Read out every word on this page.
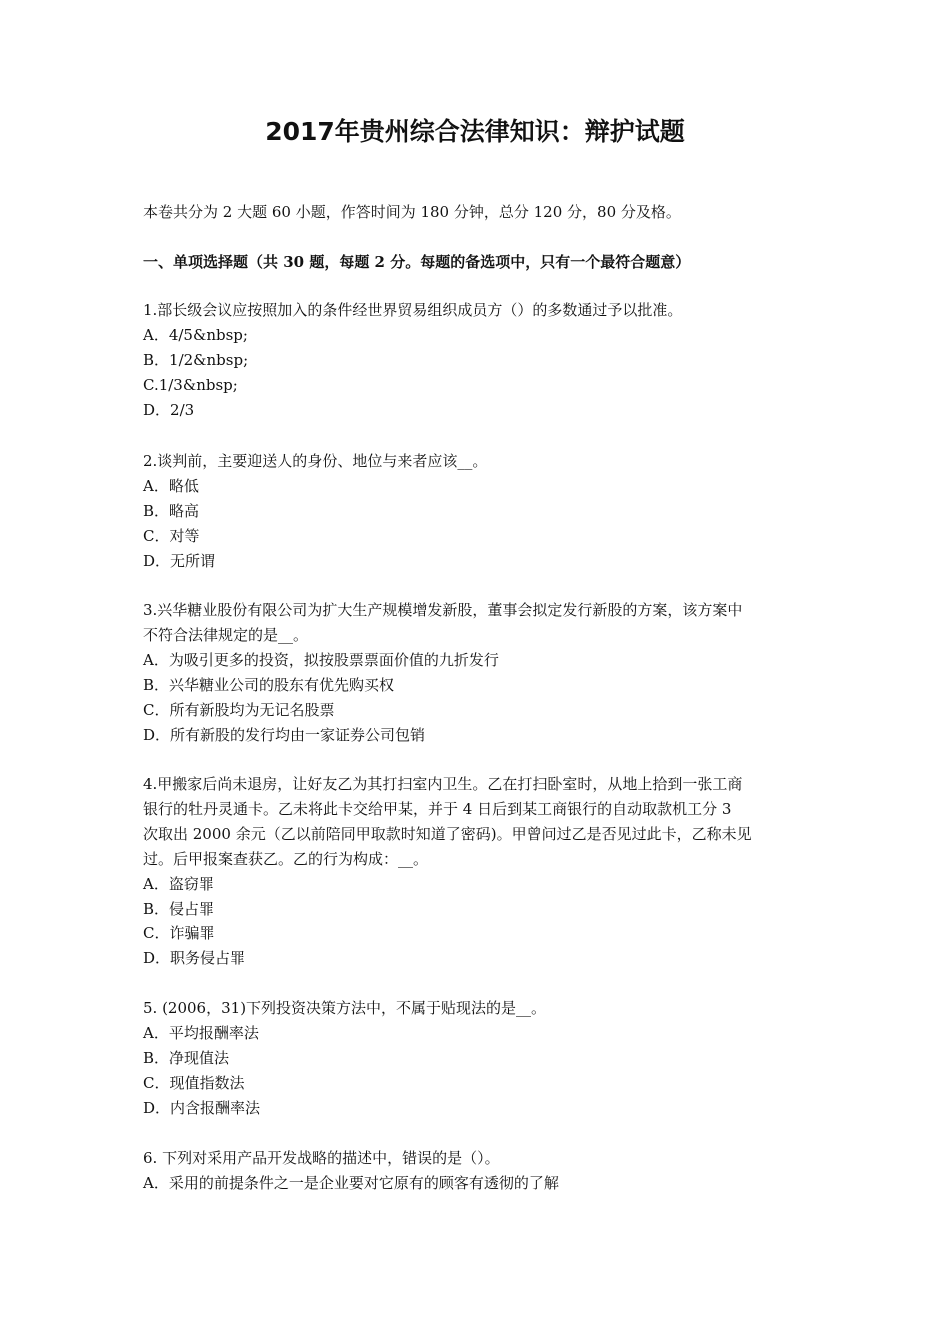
2017年贵州综合法律知识：辩护试题
本卷共分为 2 大题 60 小题，作答时间为 180 分钟，总分 120 分，80 分及格。
一、单项选择题（共 30 题，每题 2 分。每题的备选项中，只有一个最符合题意）
1.部长级会议应按照加入的条件经世界贸易组织成员方（）的多数通过予以批准。
A．4/5&nbsp;
B．1/2&nbsp;
C.1/3&nbsp;
D．2/3
2.谈判前，主要迎送人的身份、地位与来者应该__。
A．略低
B．略高
C．对等
D．无所谓
3.兴华糖业股份有限公司为扩大生产规模增发新股，董事会拟定发行新股的方案，该方案中
不符合法律规定的是__。
A．为吸引更多的投资，拟按股票票面价值的九折发行
B．兴华糖业公司的股东有优先购买权
C．所有新股均为无记名股票
D．所有新股的发行均由一家证券公司包销
4.甲搬家后尚未退房，让好友乙为其打扫室内卫生。乙在打扫卧室时，从地上拾到一张工商
银行的牡丹灵通卡。乙未将此卡交给甲某，并于 4 日后到某工商银行的自动取款机工分 3
次取出 2000 余元（乙以前陪同甲取款时知道了密码)。甲曾问过乙是否见过此卡，乙称未见
过。后甲报案查获乙。乙的行为构成：__。
A．盗窃罪
B．侵占罪
C．诈骗罪
D．职务侵占罪
5. (2006，31)下列投资决策方法中，不属于贴现法的是__。
A．平均报酬率法
B．净现值法
C．现值指数法
D．内含报酬率法
6. 下列对采用产品开发战略的描述中，错误的是（）。
A．采用的前提条件之一是企业要对它原有的顾客有透彻的了解
